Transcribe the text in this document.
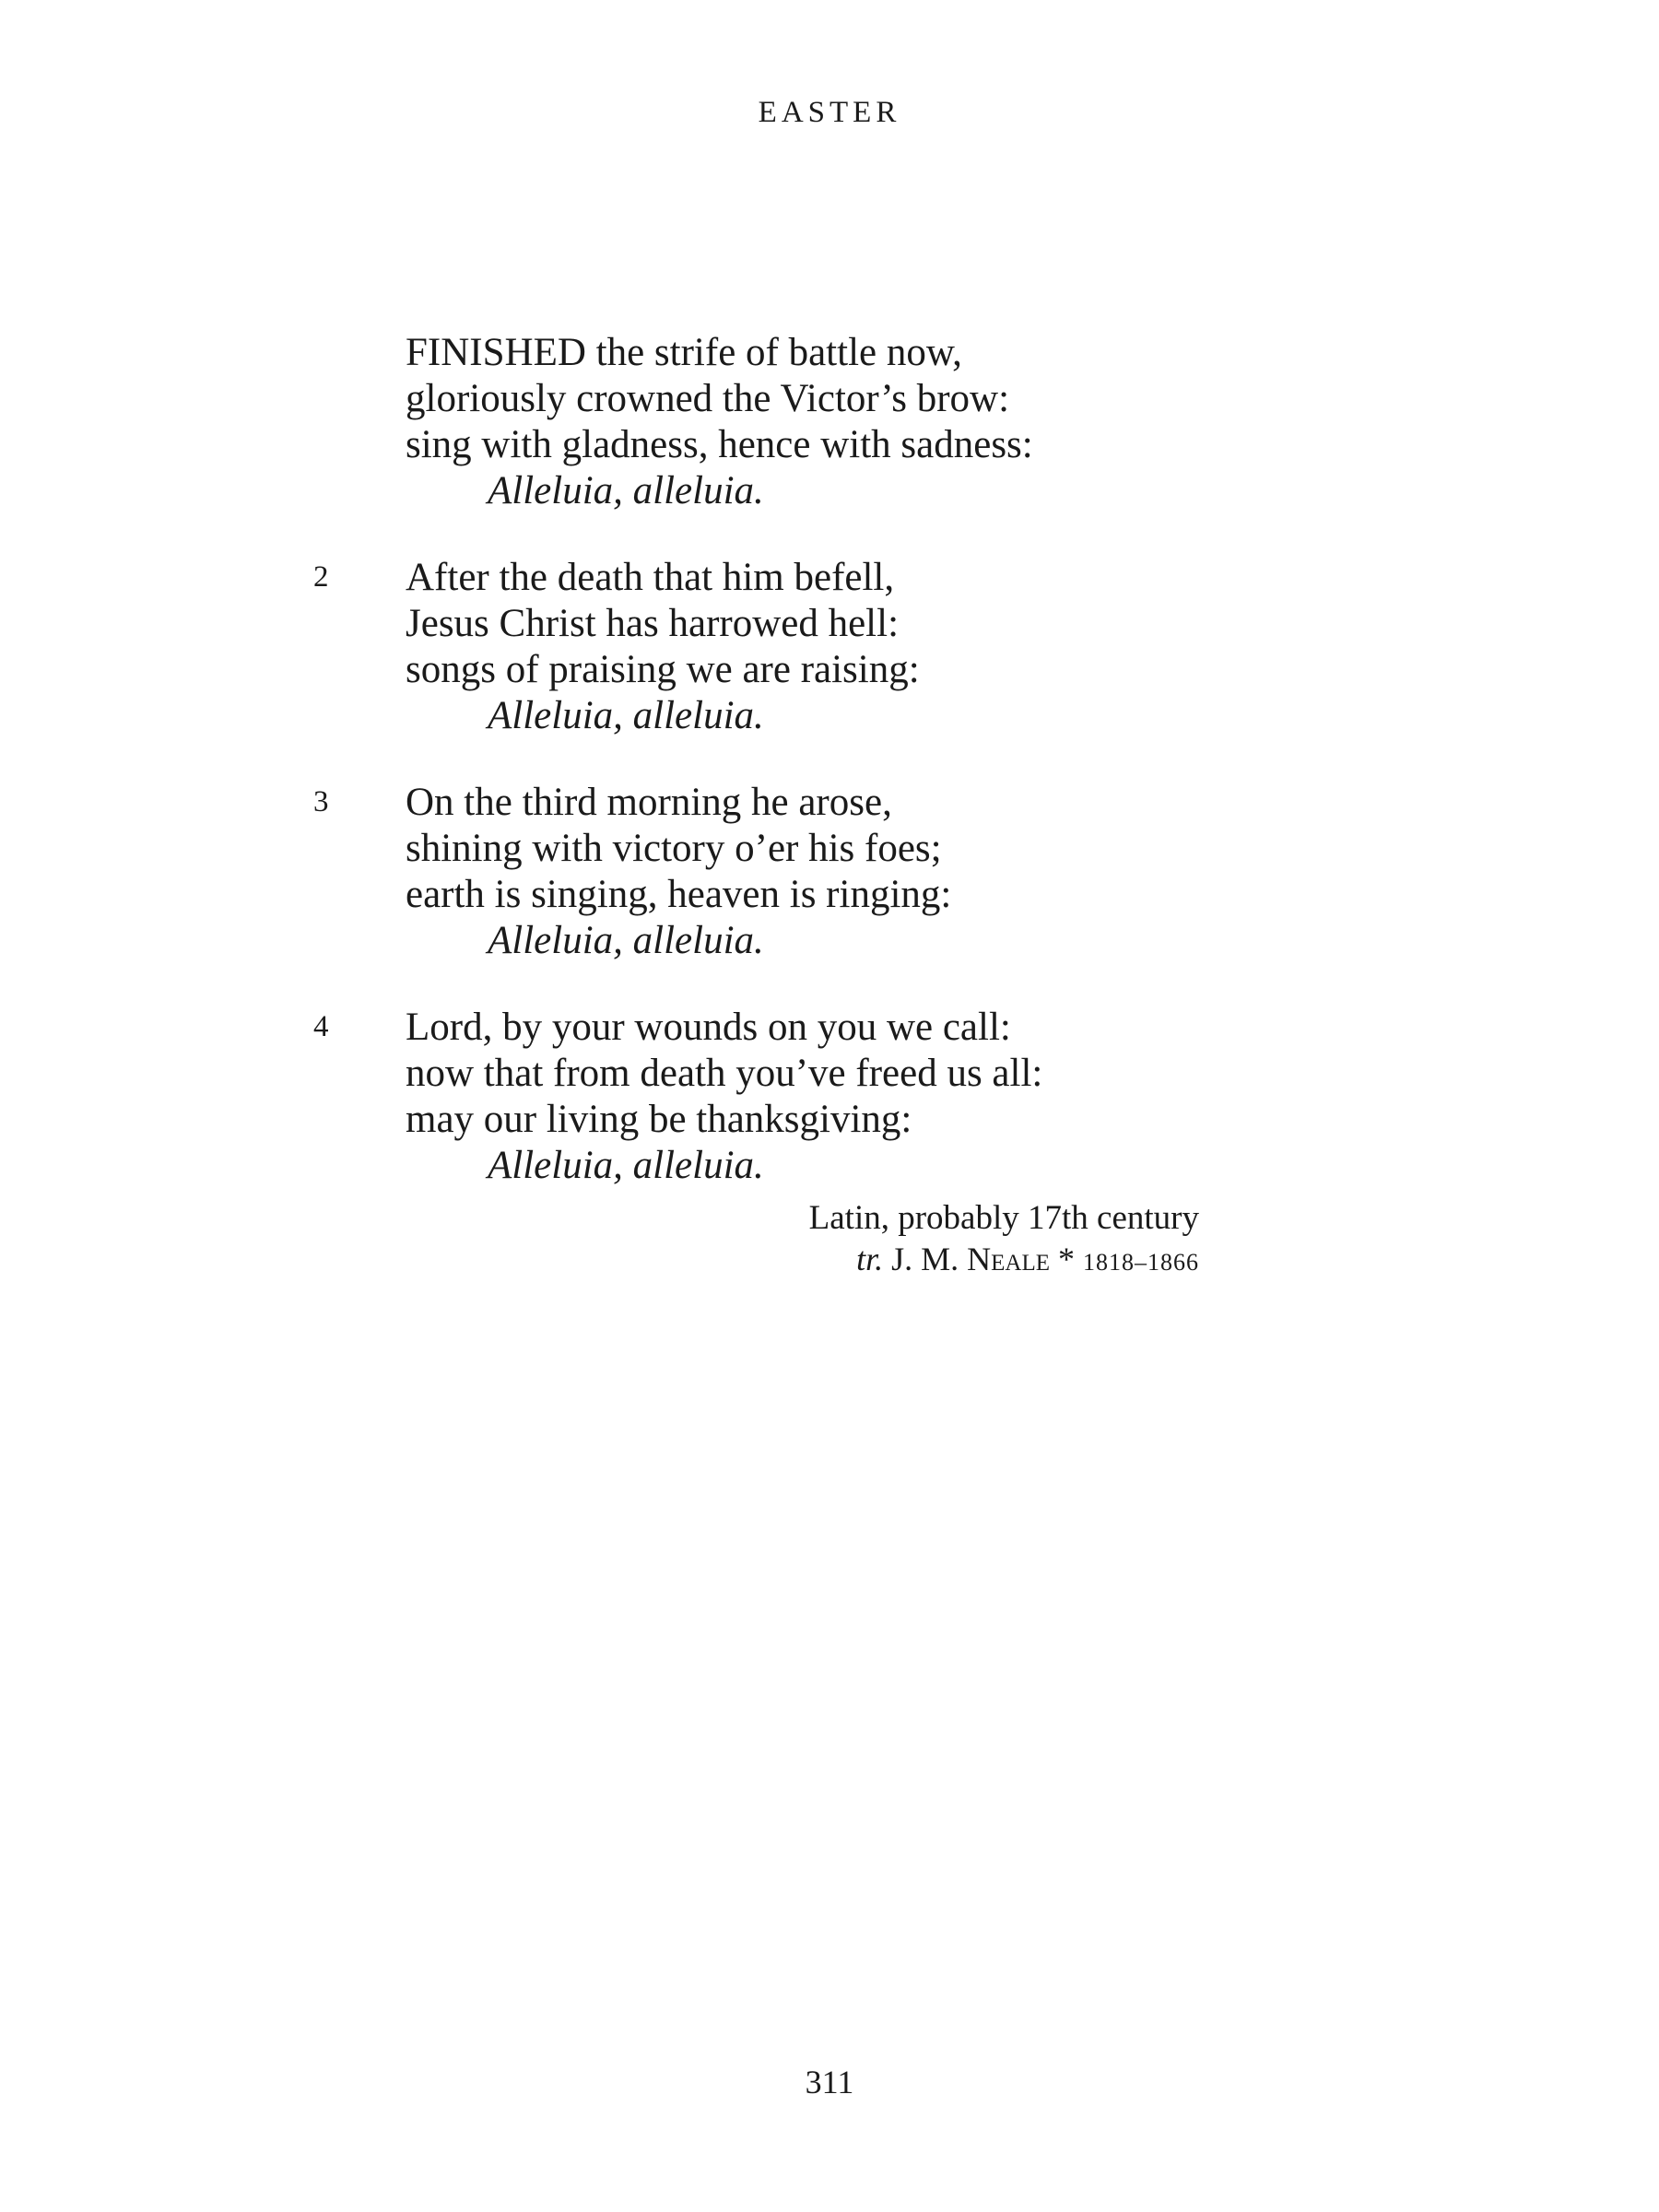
EASTER
FINISHED the strife of battle now,
gloriously crowned the Victor’s brow:
sing with gladness, hence with sadness:
Alleluia, alleluia.
2 After the death that him befell,
Jesus Christ has harrowed hell:
songs of praising we are raising:
Alleluia, alleluia.
3 On the third morning he arose,
shining with victory o’er his foes;
earth is singing, heaven is ringing:
Alleluia, alleluia.
4 Lord, by your wounds on you we call:
now that from death you’ve freed us all:
may our living be thanksgiving:
Alleluia, alleluia.
Latin, probably 17th century
tr. J. M. Neale * 1818–1866
311
